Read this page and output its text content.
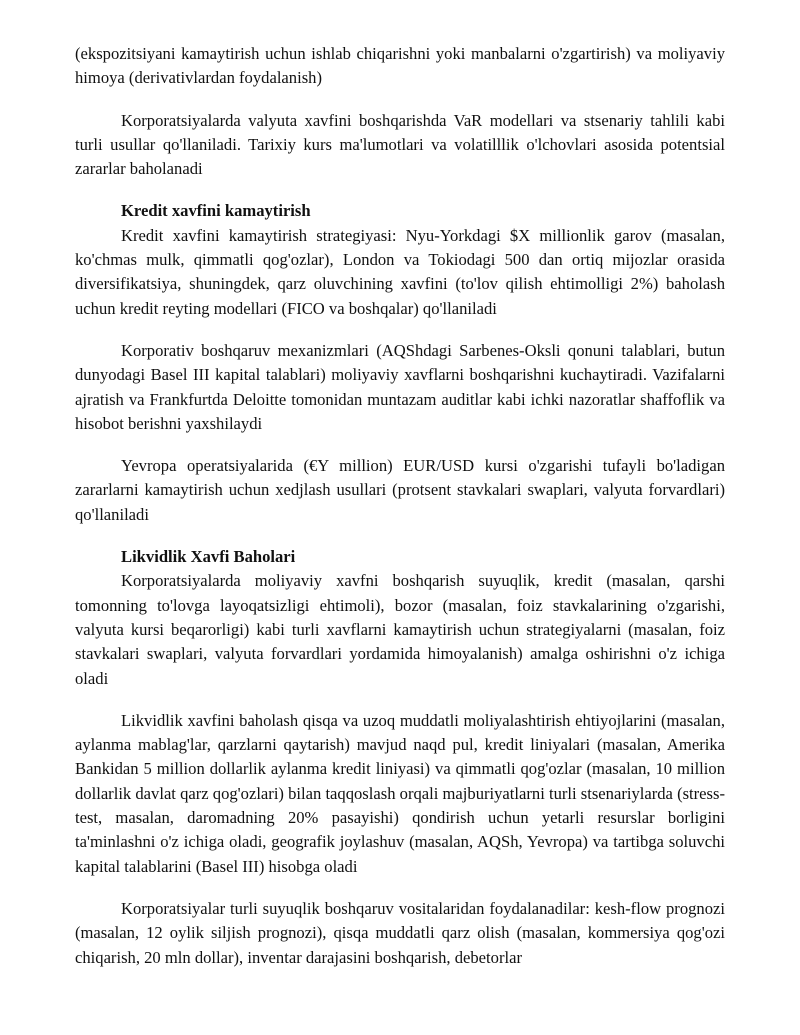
(ekspozitsiyani kamaytirish uchun ishlab chiqarishni yoki manbalarni o'zgartirish) va moliyaviy himoya (derivativlardan foydalanish)

Korporatsiyalarda valyuta xavfini boshqarishda VaR modellari va stsenariy tahlili kabi turli usullar qo'llaniladi. Tarixiy kurs ma'lumotlari va volatilllik o'lchovlari asosida potentsial zararlar baholanadi

Kredit xavfini kamaytirish

Kredit xavfini kamaytirish strategiyasi: Nyu-Yorkdagi $X millionlik garov (masalan, ko'chmas mulk, qimmatli qog'ozlar), London va Tokiodagi 500 dan ortiq mijozlar orasida diversifikatsiya, shuningdek, qarz oluvchining xavfini (to'lov qilish ehtimolligi 2%) baholash uchun kredit reyting modellari (FICO va boshqalar) qo'llaniladi

Korporativ boshqaruv mexanizmlari (AQShdagi Sarbenes-Oksli qonuni talablari, butun dunyodagi Basel III kapital talablari) moliyaviy xavflarni boshqarishni kuchaytiradi. Vazifalarni ajratish va Frankfurtda Deloitte tomonidan muntazam auditlar kabi ichki nazoratlar shaffoflik va hisobot berishni yaxshilaydi

Yevropa operatsiyalarida (€Y million) EUR/USD kursi o'zgarishi tufayli bo'ladigan zararlarni kamaytirish uchun xedjlash usullari (protsent stavkalari swaplari, valyuta forvardlari) qo'llaniladi

Likvidlik Xavfi Baholari

Korporatsiyalarda moliyaviy xavfni boshqarish suyuqlik, kredit (masalan, qarshi tomonning to'lovga layoqatsizligi ehtimoli), bozor (masalan, foiz stavkalarining o'zgarishi, valyuta kursi beqarorligi) kabi turli xavflarni kamaytirish uchun strategiyalarni (masalan, foiz stavkalari swaplari, valyuta forvardlari yordamida himoyalanish) amalga oshirishni o'z ichiga oladi

Likvidlik xavfini baholash qisqa va uzoq muddatli moliyalashtirish ehtiyojlarini (masalan, aylanma mablag'lar, qarzlarni qaytarish) mavjud naqd pul, kredit liniyalari (masalan, Amerika Bankidan 5 million dollarlik aylanma kredit liniyasi) va qimmatli qog'ozlar (masalan, 10 million dollarlik davlat qarz qog'ozlari) bilan taqqoslash orqali majburiyatlarni turli stsenariylarda (stress-test, masalan, daromadning 20% pasayishi) qondirish uchun yetarli resurslar borligini ta'minlashni o'z ichiga oladi, geografik joylashuv (masalan, AQSh, Yevropa) va tartibga soluvchi kapital talablarini (Basel III) hisobga oladi

Korporatsiyalar turli suyuqlik boshqaruv vositalaridan foydalanadilar: kesh-flow prognozi (masalan, 12 oylik siljish prognozi), qisqa muddatli qarz olish (masalan, kommersiya qog'ozi chiqarish, 20 mln dollar), inventar darajasini boshqarish, debetorlar
